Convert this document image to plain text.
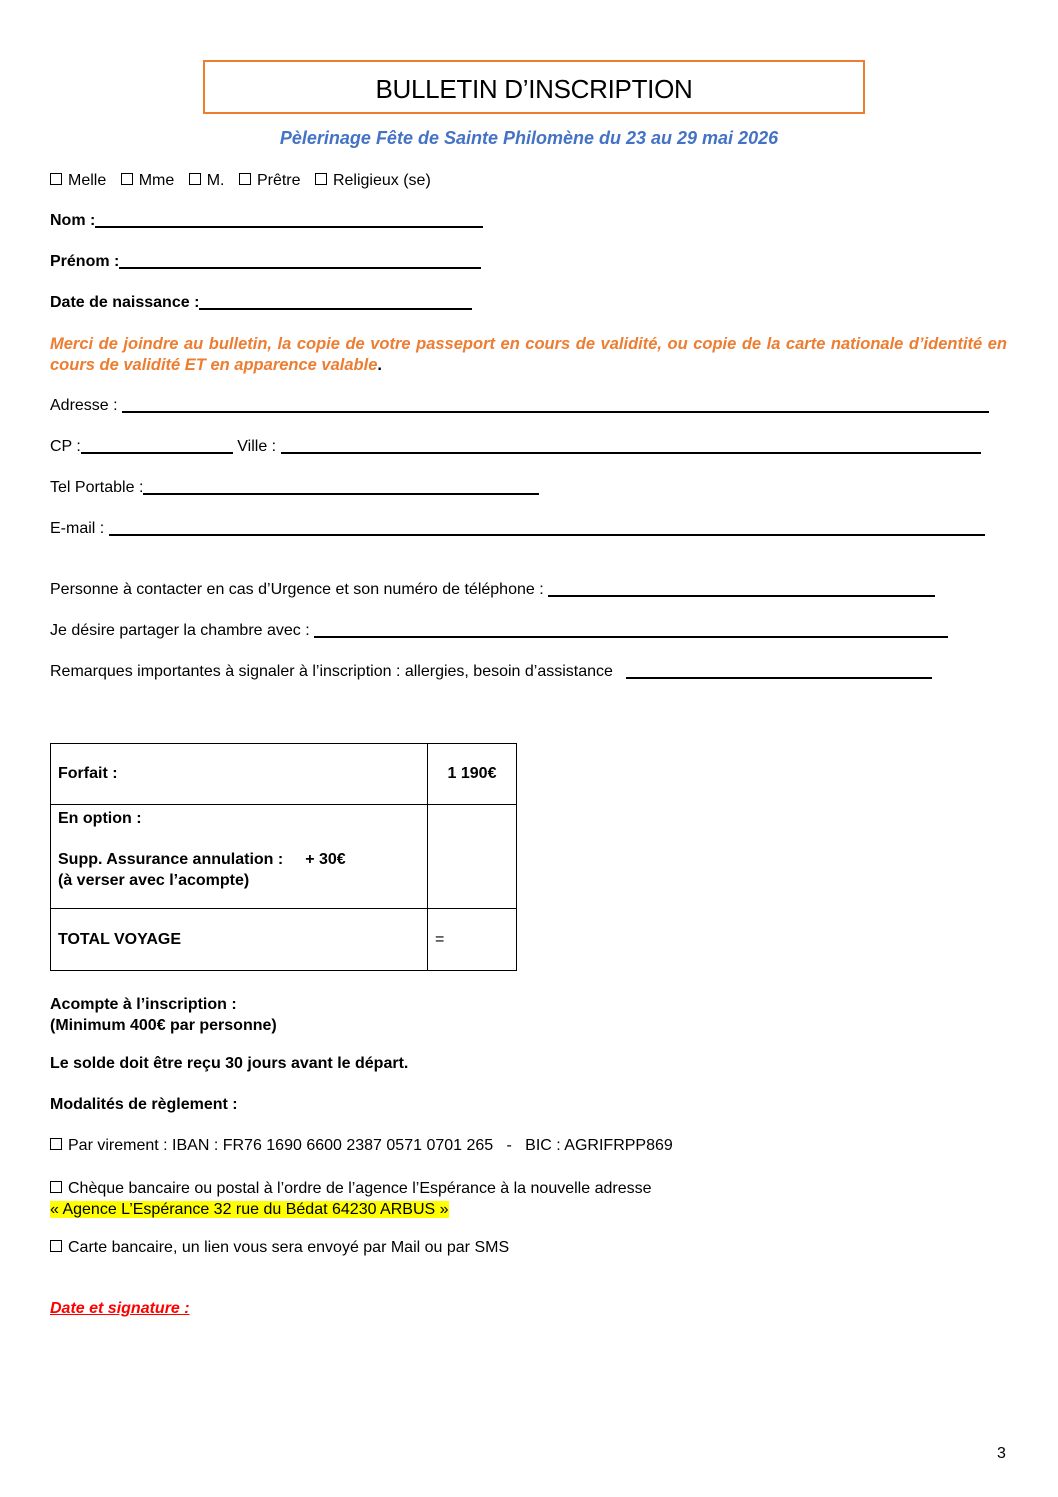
BULLETIN D’INSCRIPTION
Pèlerinage Fête de Sainte Philomène du 23 au 29 mai 2026
Melle Mme M. Prêtre Religieux (se)
Nom :
Prénom :
Date de naissance :
Merci de joindre au bulletin, la copie de votre passeport en cours de validité, ou copie de la carte nationale d’identité en cours de validité ET en apparence valable.
Adresse :
CP :	Ville :
Tel Portable :
E-mail :
Personne à contacter en cas d’Urgence et son numéro de téléphone :
Je désire partager la chambre avec :
Remarques importantes à signaler à l’inscription : allergies, besoin d’assistance
Forfait :	1 190€

En option :
Supp. Assurance annulation : + 30€
(à verser avec l’acompte)	

TOTAL VOYAGE	=
Acompte à l’inscription :
(Minimum 400€ par personne)
Le solde doit être reçu 30 jours avant le départ.
Modalités de règlement :
Par virement : IBAN : FR76 1690 6600 2387 0571 0701 265   -   BIC : AGRIFRPP869
Chèque bancaire ou postal à l’ordre de l’agence l’Espérance à la nouvelle adresse
« Agence L’Espérance 32 rue du Bédat 64230 ARBUS »
Carte bancaire, un lien vous sera envoyé par Mail ou par SMS
Date et signature :
3
